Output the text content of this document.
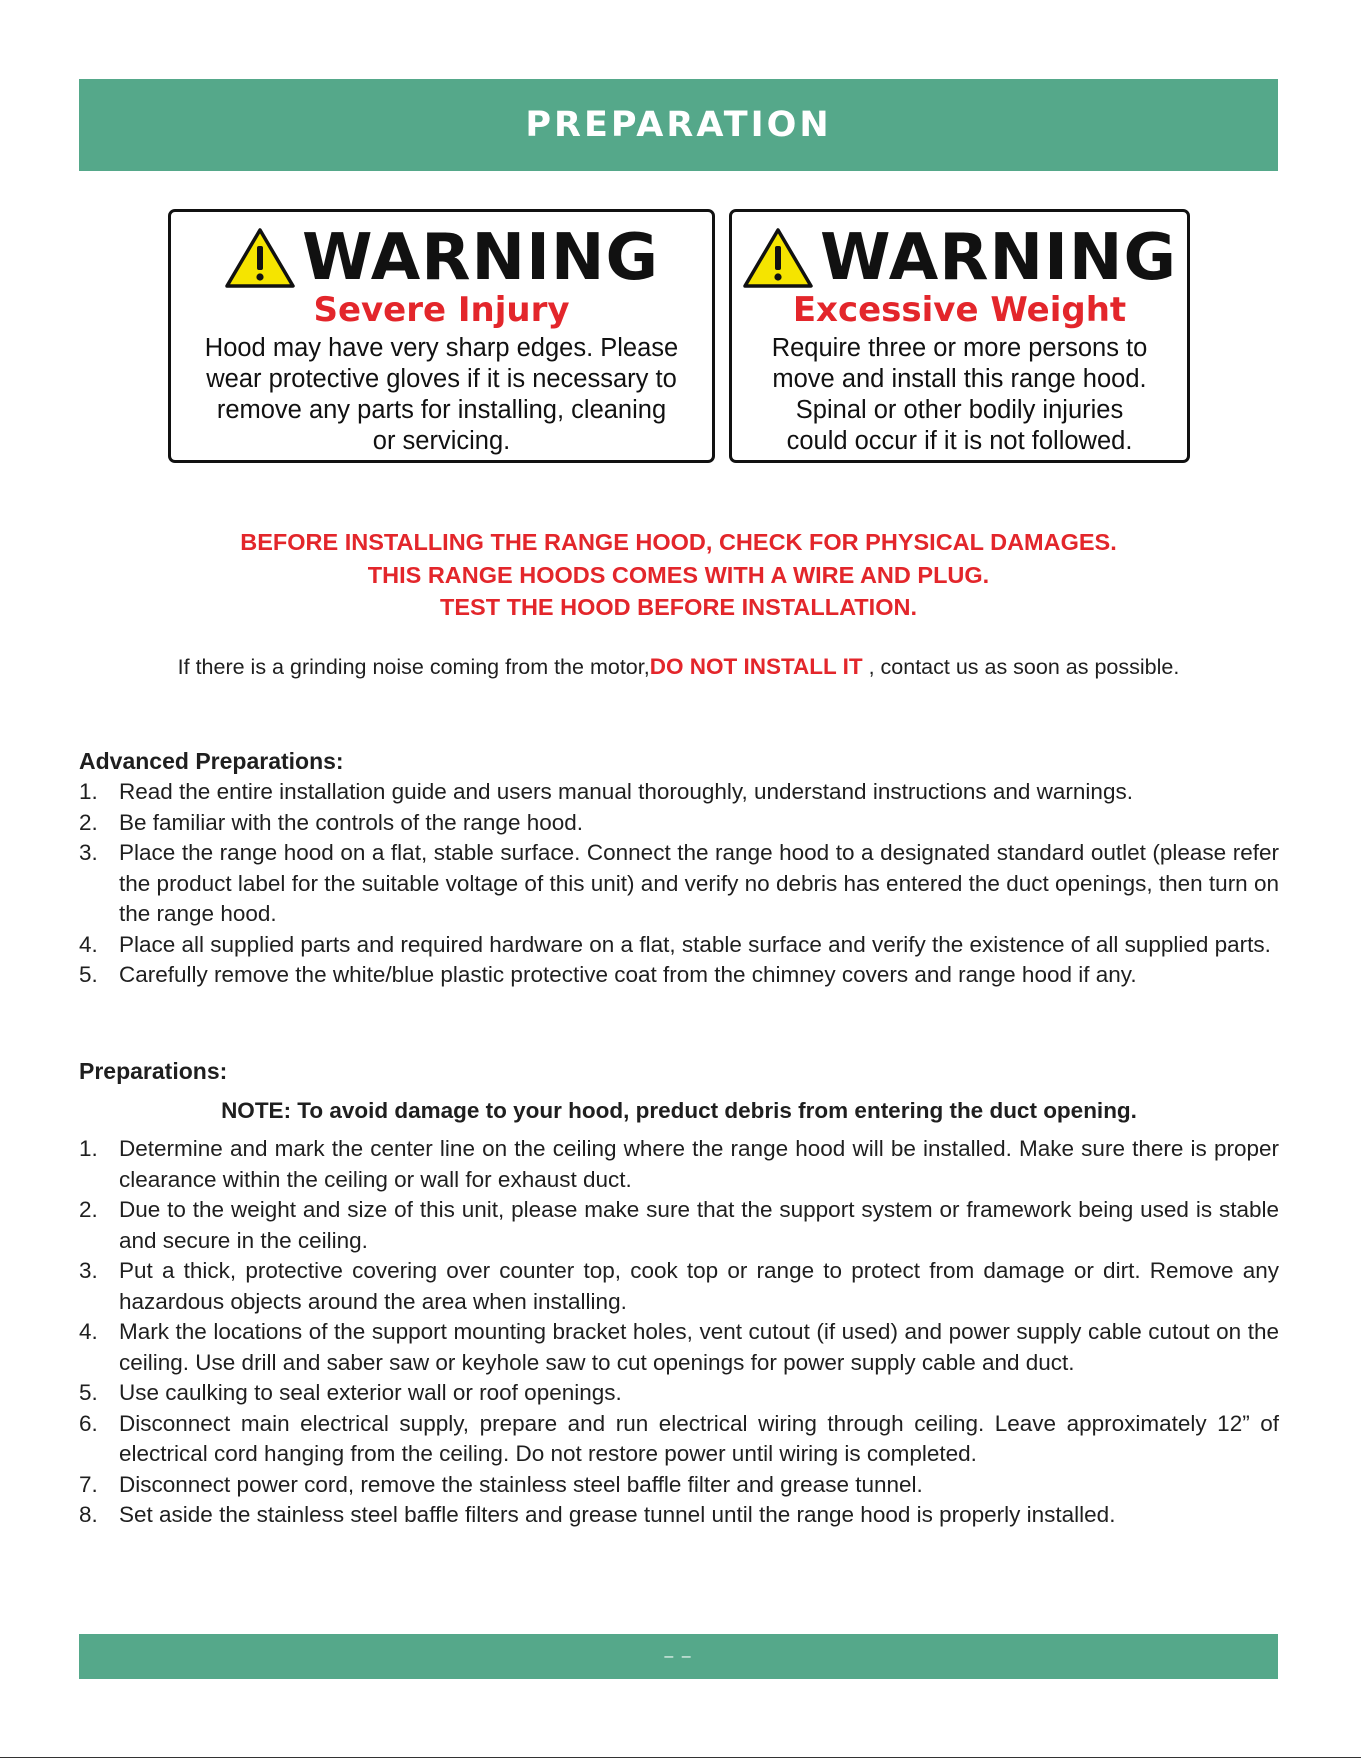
PREPARATION
WARNING
Severe Injury
Hood may have very sharp edges. Please
wear protective gloves if it is necessary to
remove any parts for installing, cleaning
or servicing.
WARNING
Excessive Weight
Require three or more persons to
move and install this range hood.
Spinal or other bodily injuries
could occur if it is not followed.
BEFORE INSTALLING THE RANGE HOOD, CHECK FOR PHYSICAL DAMAGES.
THIS RANGE HOODS COMES WITH A WIRE AND PLUG.
TEST THE HOOD BEFORE INSTALLATION.
If there is a grinding noise coming from the motor,DO NOT INSTALL IT , contact us as soon as possible.
Advanced Preparations:
1. Read the entire installation guide and users manual thoroughly, understand instructions and warnings.
2. Be familiar with the controls of the range hood.
3. Place the range hood on a flat, stable surface. Connect the range hood to a designated standard outlet (please refer the product label for the suitable voltage of this unit) and verify no debris has entered the duct openings, then turn on the range hood.
4. Place all supplied parts and required hardware on a flat, stable surface and verify the existence of all supplied parts.
5. Carefully remove the white/blue plastic protective coat from the chimney covers and range hood if any.
Preparations:
NOTE: To avoid damage to your hood, preduct debris from entering the duct opening.
1. Determine and mark the center line on the ceiling where the range hood will be installed. Make sure there is proper clearance within the ceiling or wall for exhaust duct.
2. Due to the weight and size of this unit, please make sure that the support system or framework being used is stable and secure in the ceiling.
3. Put a thick, protective covering over counter top, cook top or range to protect from damage or dirt. Remove any hazardous objects around the area when installing.
4. Mark the locations of the support mounting bracket holes, vent cutout (if used) and power supply cable cutout on the ceiling. Use drill and saber saw or keyhole saw to cut openings for power supply cable and duct.
5. Use caulking to seal exterior wall or roof openings.
6. Disconnect main electrical supply, prepare and run electrical wiring through ceiling. Leave approximately 12” of electrical cord hanging from the ceiling. Do not restore power until wiring is completed.
7. Disconnect power cord, remove the stainless steel baffle filter and grease tunnel.
8. Set aside the stainless steel baffle filters and grease tunnel until the range hood is properly installed.
– –
